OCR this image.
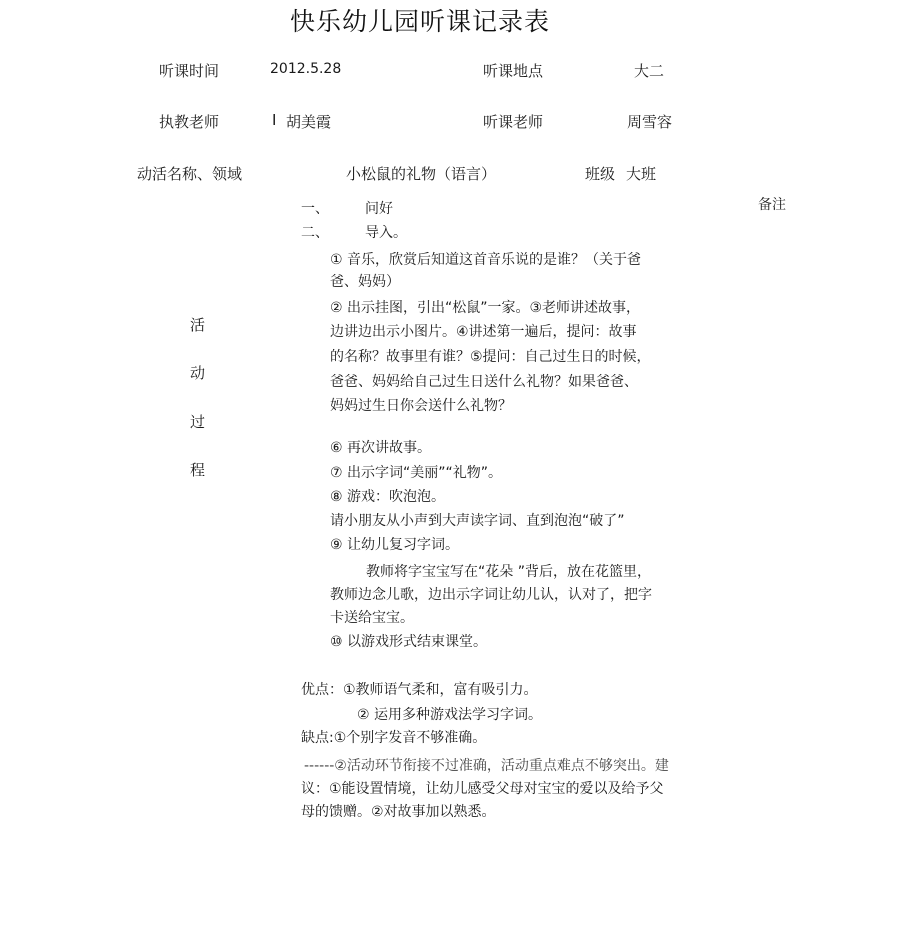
快乐幼儿园听课记录表
听课时间	2012.5.28	听课地点	大二
执教老师	I 胡美霞	听课老师	周雪容
动活名称、领域	小松鼠的礼物（语言）	班级 大班
备注
活
动
过
程
一、	问好
二、	导入。
① 音乐，欣赏后知道这首音乐说的是谁？（关于爸
爸、妈妈）
② 出示挂图，引出“松鼠”一家。③老师讲述故事，
边讲边出示小图片。④讲述第一遍后，提问：故事
的名称？故事里有谁？⑤提问：自己过生日的时候，
爸爸、妈妈给自己过生日送什么礼物？如果爸爸、
妈妈过生日你会送什么礼物？
⑥ 再次讲故事。
⑦ 出示字词“美丽”“礼物”。
⑧ 游戏：吹泡泡。
请小朋友从小声到大声读字词、直到泡泡“破了”
⑨ 让幼儿复习字词。
教师将字宝宝写在“花朵 ”背后，放在花篮里，
教师边念儿歌，边出示字词让幼儿认，认对了，把字
卡送给宝宝。
⑩ 以游戏形式结束课堂。
优点：①教师语气柔和，富有吸引力。
② 运用多种游戏法学习字词。
缺点:①个别字发音不够准确。
------②活动环节衔接不过准确，活动重点难点不够突出。建
议：①能设置情境，让幼儿感受父母对宝宝的爱以及给予父
母的馈赠。②对故事加以熟悉。
